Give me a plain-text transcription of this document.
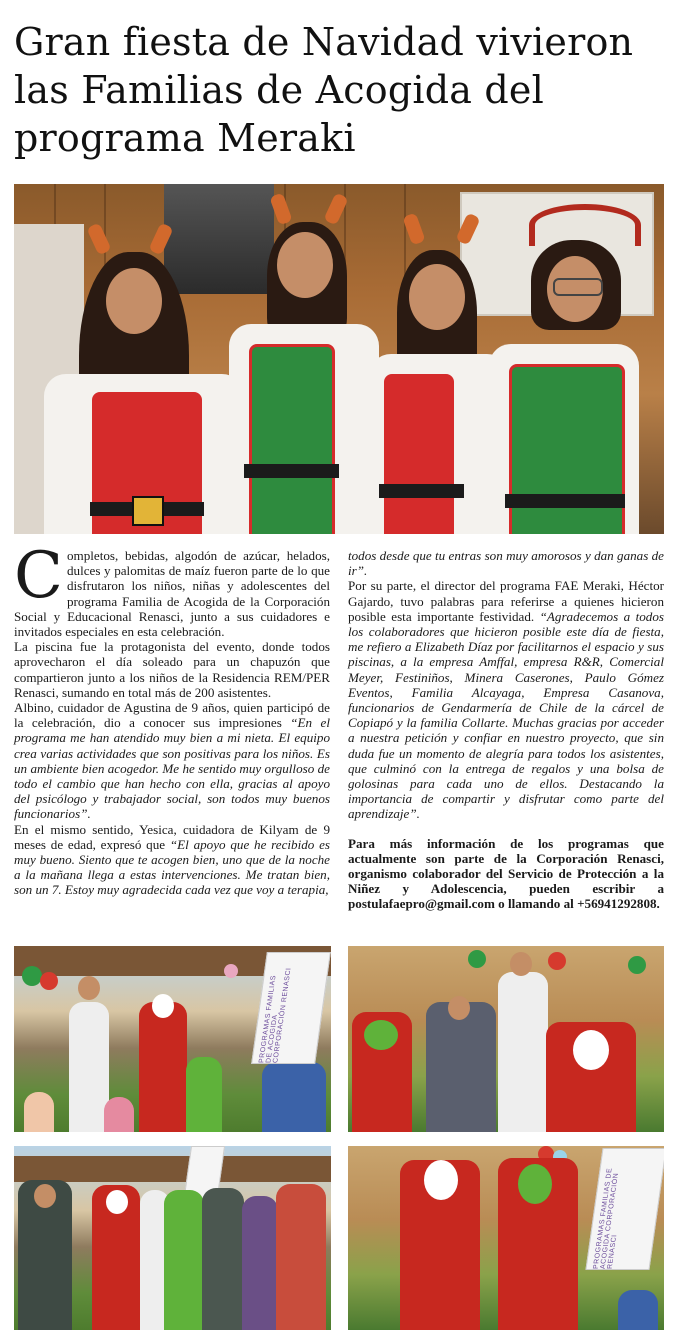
Gran fiesta de Navidad vivieron las Familias de Acogida del programa Meraki

Completos, bebidas, algodón de azúcar, helados, dulces y palomitas de maíz fueron parte de lo que disfrutaron los niños, niñas y adolescentes del programa Familia de Acogida de la Corporación Social y Educacional Renasci, junto a sus cuidadores e invitados especiales en esta celebración.

La piscina fue la protagonista del evento, donde todos aprovecharon el día soleado para un chapuzón que compartieron junto a los niños de la Residencia REM/PER Renasci, sumando en total más de 200 asistentes.

Albino, cuidador de Agustina de 9 años, quien participó de la celebración, dio a conocer sus impresiones “En el programa me han atendido muy bien a mi nieta. El equipo crea varias actividades que son positivas para los niños. Es un ambiente bien acogedor. Me he sentido muy orgulloso de todo el cambio que han hecho con ella, gracias al apoyo del psicólogo y trabajador social, son todos muy buenos funcionarios”.

En el mismo sentido, Yesica, cuidadora de Kilyam de 9 meses de edad, expresó que “El apoyo que he recibido es muy bueno. Siento que te acogen bien, uno que de la noche a la mañana llega a estas intervenciones. Me tratan bien, son un 7. Estoy muy agradecida cada vez que voy a terapia,

todos desde que tu entras son muy amorosos y dan ganas de ir”.

Por su parte, el director del programa FAE Meraki, Héctor Gajardo, tuvo palabras para referirse a quienes hicieron posible esta importante festividad. “Agradecemos a todos los colaboradores que hicieron posible este día de fiesta, me refiero a Elizabeth Díaz por facilitarnos el espacio y sus piscinas, a la empresa Amffal, empresa R&R, Comercial Meyer, Festiniños, Minera Caserones, Paulo Gómez Eventos, Familia Alcayaga, Empresa Casanova, funcionarios de Gendarmería de Chile de la cárcel de Copiapó y la familia Collarte. Muchas gracias por acceder a nuestra petición y confiar en nuestro proyecto, que sin duda fue un momento de alegría para todos los asistentes, que culminó con la entrega de regalos y una bolsa de golosinas para cada uno de ellos. Destacando la importancia de compartir y disfrutar como parte del aprendizaje”.

Para más información de los programas que actualmente son parte de la Corporación Renasci, organismo colaborador del Servicio de Protección a la Niñez y Adolescencia, pueden escribir a postulafaepro@gmail.com o llamando al +56941292808.

PROGRAMAS FAMILIAS DE ACOGIDA CORPORACIÓN RENASCI
PROGRAMAS FAMILIAS DE ACOGIDA CORPORACIÓN RENASCI
